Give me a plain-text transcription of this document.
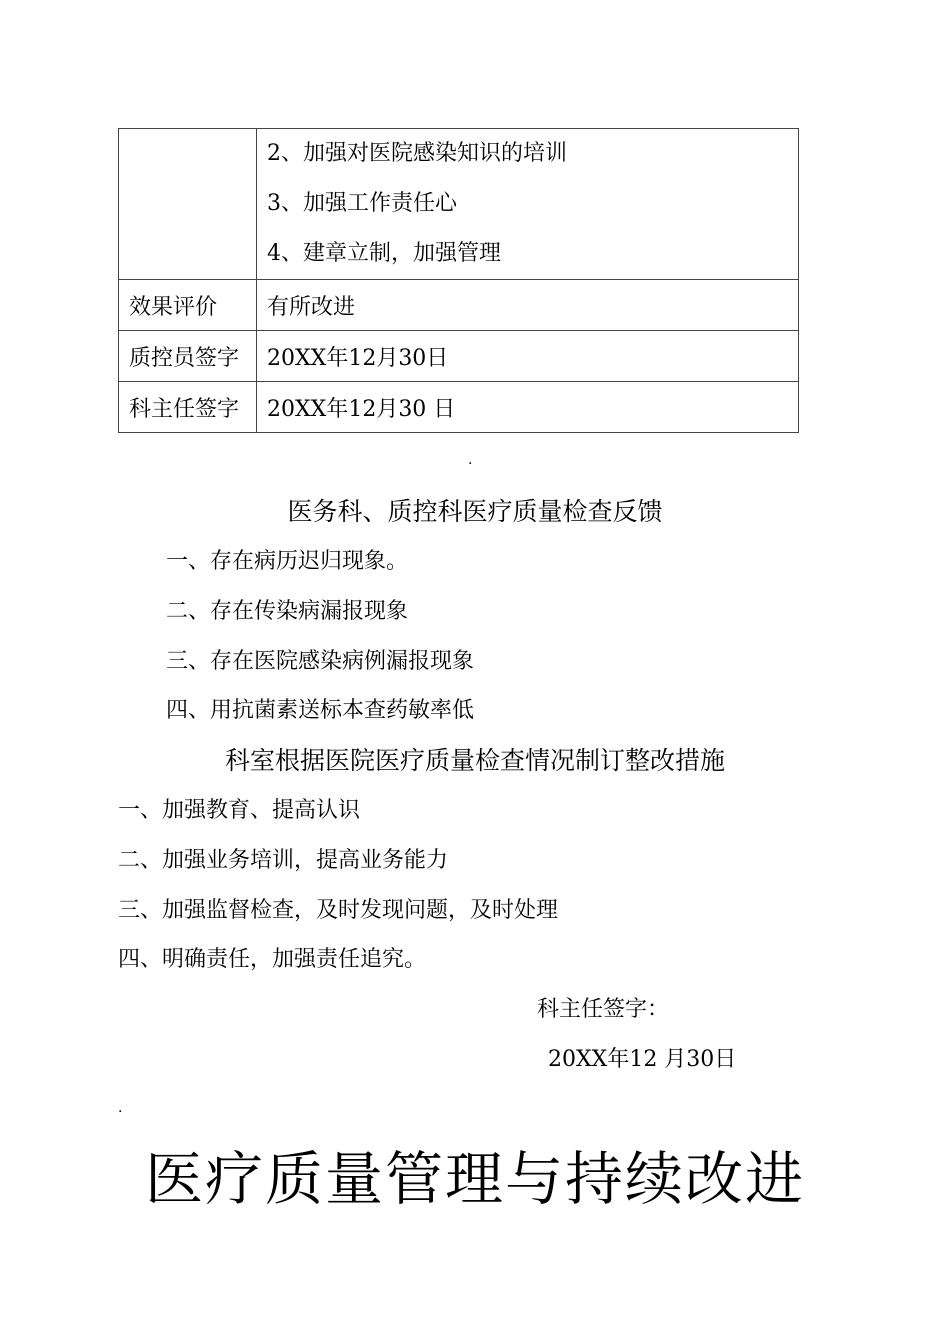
	2、加强对医院感染知识的培训
3、加强工作责任心
4、建章立制，加强管理

效果评价	有所改进
质控员签字	20XX年12月30日
科主任签字	20XX年12月30 日
.
医务科、质控科医疗质量检查反馈
一、存在病历迟归现象。
二、存在传染病漏报现象
三、存在医院感染病例漏报现象
四、用抗菌素送标本查药敏率低
科室根据医院医疗质量检查情况制订整改措施
一、加强教育、提高认识
二、加强业务培训，提高业务能力
三、加强监督检查，及时发现问题，及时处理
四、明确责任，加强责任追究。
科主任签字：
20XX年12 月30日
.
医疗质量管理与持续改进
